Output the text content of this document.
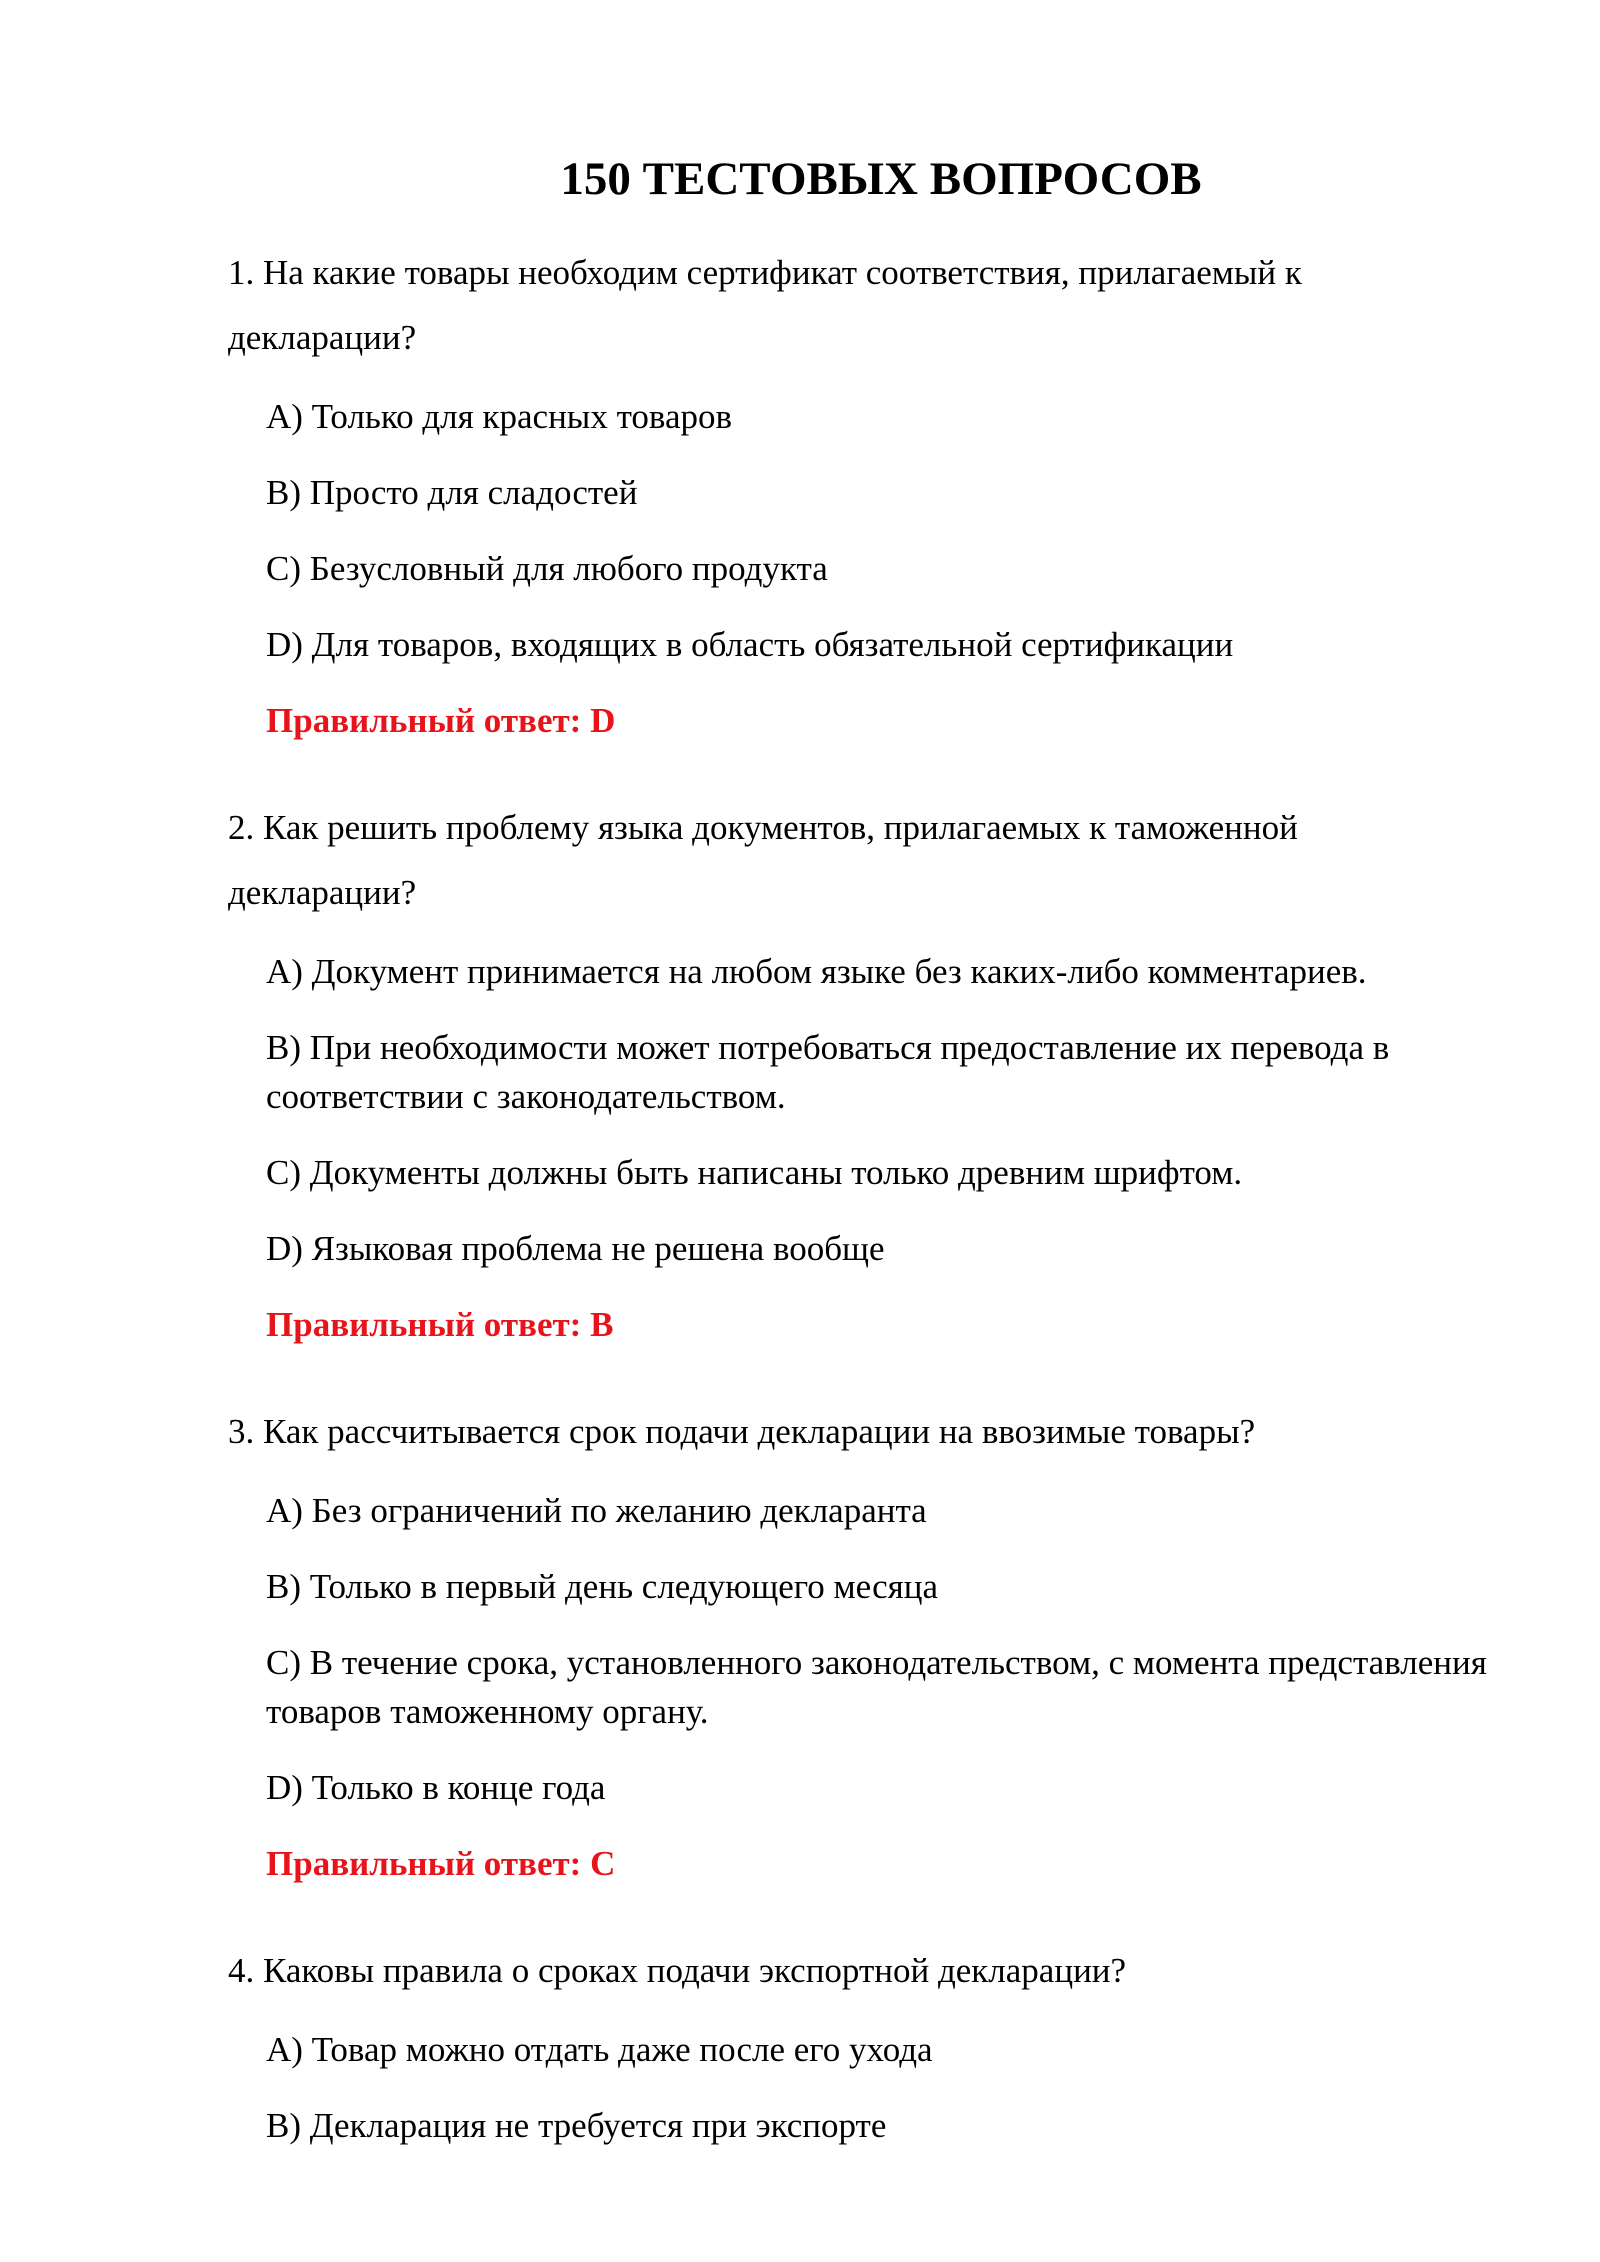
150 ТЕСТОВЫХ ВОПРОСОВ
1. На какие товары необходим сертификат соответствия, прилагаемый к декларации?
A) Только для красных товаров
B) Просто для сладостей
C) Безусловный для любого продукта
D) Для товаров, входящих в область обязательной сертификации
Правильный ответ: D
2. Как решить проблему языка документов, прилагаемых к таможенной декларации?
A) Документ принимается на любом языке без каких-либо комментариев.
B) При необходимости может потребоваться предоставление их перевода в соответствии с законодательством.
C) Документы должны быть написаны только древним шрифтом.
D) Языковая проблема не решена вообще
Правильный ответ: B
3. Как рассчитывается срок подачи декларации на ввозимые товары?
A) Без ограничений по желанию декларанта
B) Только в первый день следующего месяца
C) В течение срока, установленного законодательством, с момента представления товаров таможенному органу.
D) Только в конце года
Правильный ответ: C
4. Каковы правила о сроках подачи экспортной декларации?
A) Товар можно отдать даже после его ухода
B) Декларация не требуется при экспорте
